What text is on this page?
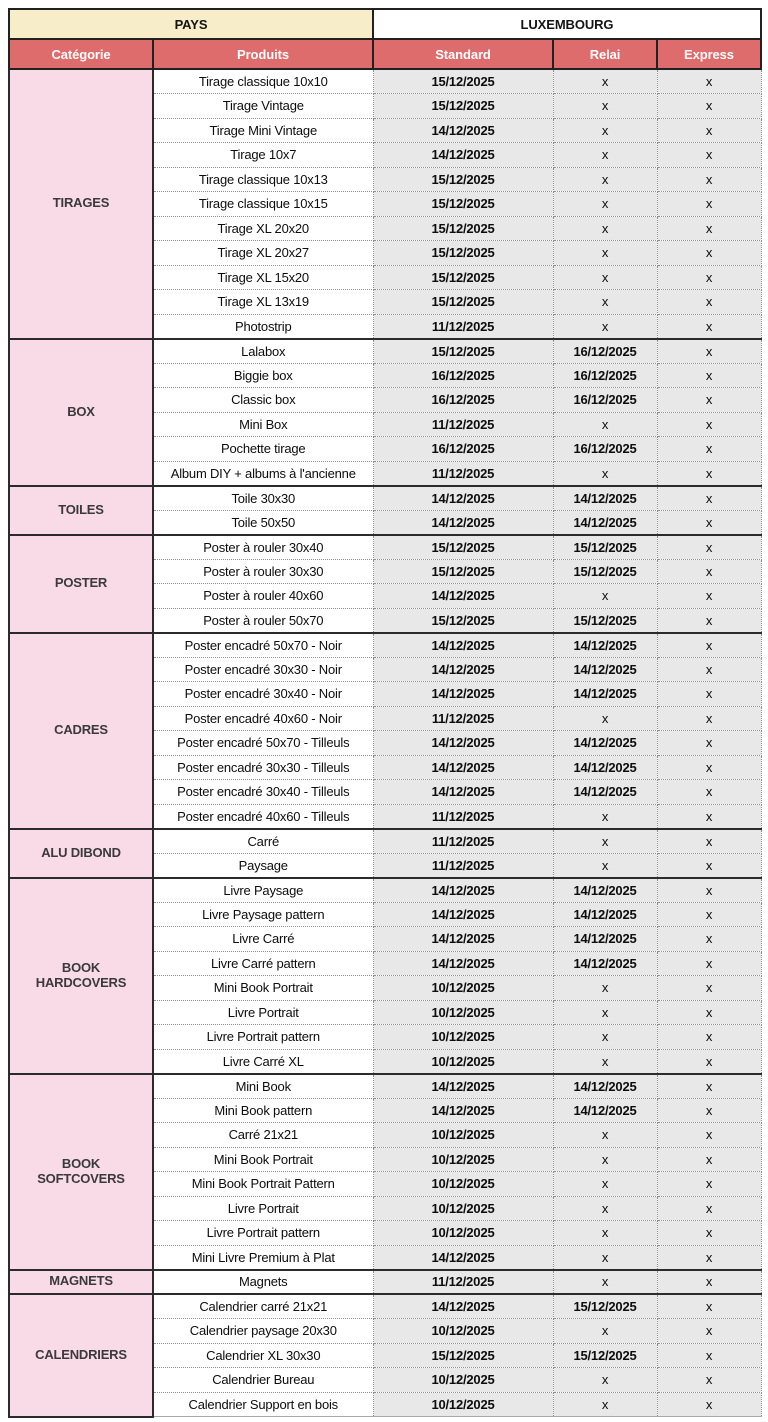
PAYS		LUXEMBOURG		
Catégorie	Produits	Standard	Relai	Express
TIRAGES	Tirage classique 10x10	15/12/2025	x	x
	Tirage Vintage	15/12/2025	x	x
	Tirage Mini Vintage	14/12/2025	x	x
	Tirage 10x7	14/12/2025	x	x
	Tirage classique 10x13	15/12/2025	x	x
	Tirage classique 10x15	15/12/2025	x	x
	Tirage XL 20x20	15/12/2025	x	x
	Tirage XL 20x27	15/12/2025	x	x
	Tirage XL 15x20	15/12/2025	x	x
	Tirage XL 13x19	15/12/2025	x	x
	Photostrip	11/12/2025	x	x
BOX	Lalabox	15/12/2025	16/12/2025	x
	Biggie box	16/12/2025	16/12/2025	x
	Classic box	16/12/2025	16/12/2025	x
	Mini Box	11/12/2025	x	x
	Pochette tirage	16/12/2025	16/12/2025	x
	Album DIY + albums à l'ancienne	11/12/2025	x	x
TOILES	Toile 30x30	14/12/2025	14/12/2025	x
	Toile 50x50	14/12/2025	14/12/2025	x
POSTER	Poster à rouler 30x40	15/12/2025	15/12/2025	x
	Poster à rouler 30x30	15/12/2025	15/12/2025	x
	Poster à rouler 40x60	14/12/2025	x	x
	Poster à rouler 50x70	15/12/2025	15/12/2025	x
CADRES	Poster encadré 50x70 - Noir	14/12/2025	14/12/2025	x
	Poster encadré 30x30 - Noir	14/12/2025	14/12/2025	x
	Poster encadré 30x40 - Noir	14/12/2025	14/12/2025	x
	Poster encadré 40x60 - Noir	11/12/2025	x	x
	Poster encadré 50x70 - Tilleuls	14/12/2025	14/12/2025	x
	Poster encadré 30x30 - Tilleuls	14/12/2025	14/12/2025	x
	Poster encadré 30x40 - Tilleuls	14/12/2025	14/12/2025	x
	Poster encadré 40x60 - Tilleuls	11/12/2025	x	x
ALU DIBOND	Carré	11/12/2025	x	x
	Paysage	11/12/2025	x	x
BOOK HARDCOVERS	Livre Paysage	14/12/2025	14/12/2025	x
	Livre Paysage pattern	14/12/2025	14/12/2025	x
	Livre Carré	14/12/2025	14/12/2025	x
	Livre Carré pattern	14/12/2025	14/12/2025	x
	Mini Book Portrait	10/12/2025	x	x
	Livre Portrait	10/12/2025	x	x
	Livre Portrait pattern	10/12/2025	x	x
	Livre Carré XL	10/12/2025	x	x
BOOK SOFTCOVERS	Mini Book	14/12/2025	14/12/2025	x
	Mini Book pattern	14/12/2025	14/12/2025	x
	Carré 21x21	10/12/2025	x	x
	Mini Book Portrait	10/12/2025	x	x
	Mini Book Portrait Pattern	10/12/2025	x	x
	Livre Portrait	10/12/2025	x	x
	Livre Portrait pattern	10/12/2025	x	x
	Mini Livre Premium à Plat	14/12/2025	x	x
MAGNETS	Magnets	11/12/2025	x	x
CALENDRIERS	Calendrier carré 21x21	14/12/2025	15/12/2025	x
	Calendrier paysage 20x30	10/12/2025	x	x
	Calendrier XL 30x30	15/12/2025	15/12/2025	x
	Calendrier Bureau	10/12/2025	x	x
	Calendrier Support en bois	10/12/2025	x	x
